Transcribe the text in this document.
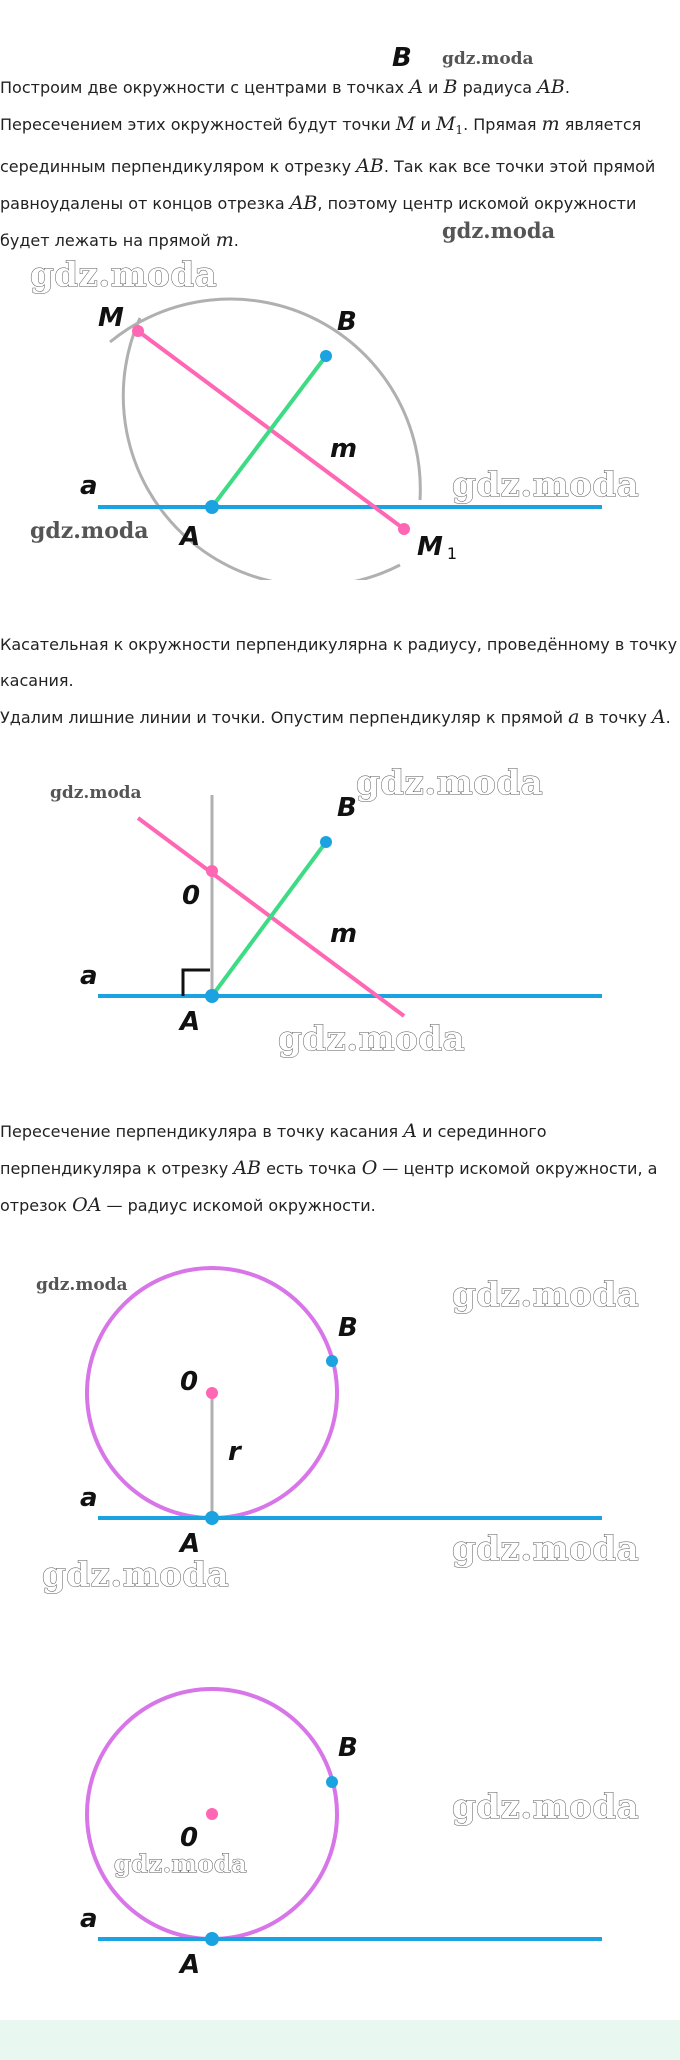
B gdz.moda
Построим две окружности с центрами в точках A и B радиуса AB.
Пересечением этих окружностей будут точки M и $M_1$. Прямая m является
серединным перпендикуляром к отрезку AB. Так как все точки этой прямой
равноудалены от концов отрезка AB, поэтому центр искомой окружности
будет лежать на прямой m.	gdz.moda
gdz.moda
M	B
m
a
A	M 1
gdz.moda
gdz.moda
Касательная к окружности перпендикулярна к радиусу, проведённому в точку
касания.
Удалим лишние линии и точки. Опустим перпендикуляр к прямой a в точку A.
gdz.moda	gdz.moda
B
0
m
a
A gdz.moda
Пересечение перпендикуляра в точку касания A и серединного
перпендикуляра к отрезку AB есть точка O — центр искомой окружности, а
отрезок OA — радиус искомой окружности.
gdz.moda	gdz.moda
B
0
r
a
A	gdz.moda
gdz.moda
B
0
gdz.moda
gdz.moda
a
A
